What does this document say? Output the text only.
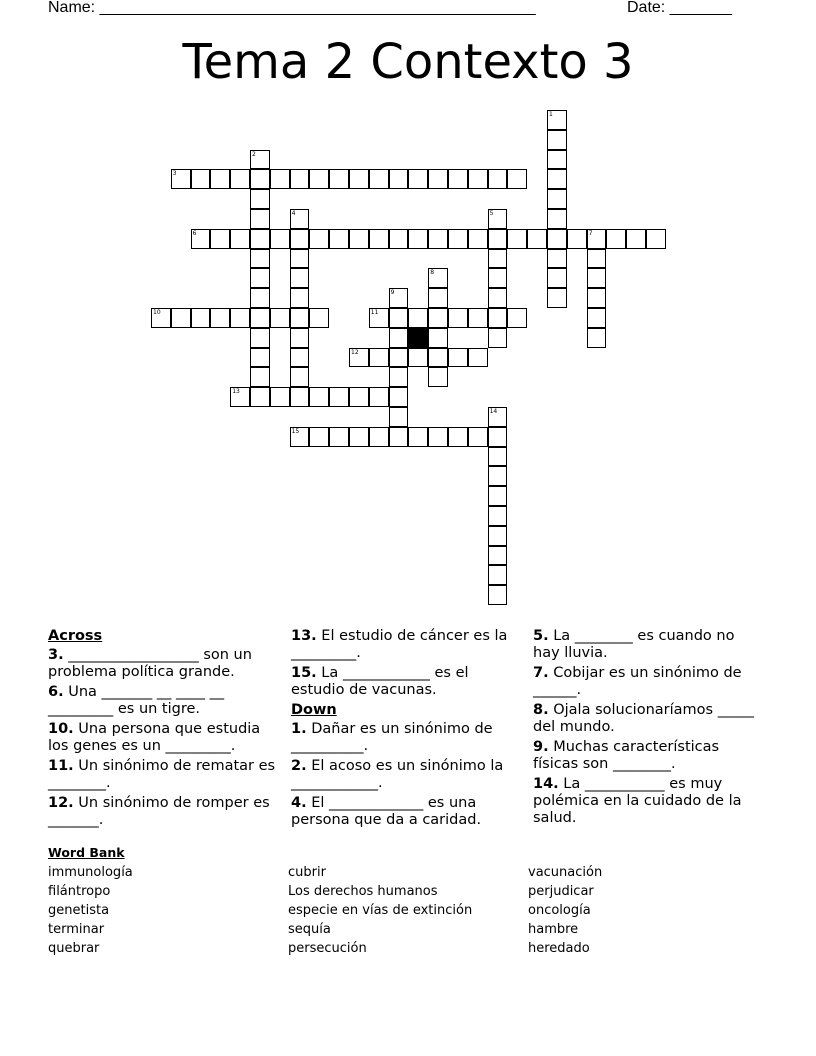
Name: _________________________________________________	Date: _______
Tema 2 Contexto 3
1
2
3
4	5
6	7
8
9
10	11
12
13
14
15
Across

3. __________________ son un problema política grande.

6. Una _______ __ ____ __ _________ es un tigre.

10. Una persona que estudia los genes es un _________.

11. Un sinónimo de rematar es ________.

12. Un sinónimo de romper es _______.

13. El estudio de cáncer es la _________.

15. La ____________ es el estudio de vacunas.

Down

1. Dañar es un sinónimo de __________.

2. El acoso es un sinónimo la ____________.

4. El _____________ es una persona que da a caridad.

5. La ________ es cuando no hay lluvia.

7. Cobijar es un sinónimo de ______.

8. Ojala solucionaríamos _____ del mundo.

9. Muchas características físicas son ________.

14. La ___________ es muy polémica en la cuidado de la salud.

Word Bank
immunología
filántropo
genetista
terminar
quebrar
cubrir
Los derechos humanos
especie en vías de extinción
sequía
persecución
vacunación
perjudicar
oncología
hambre
heredado
